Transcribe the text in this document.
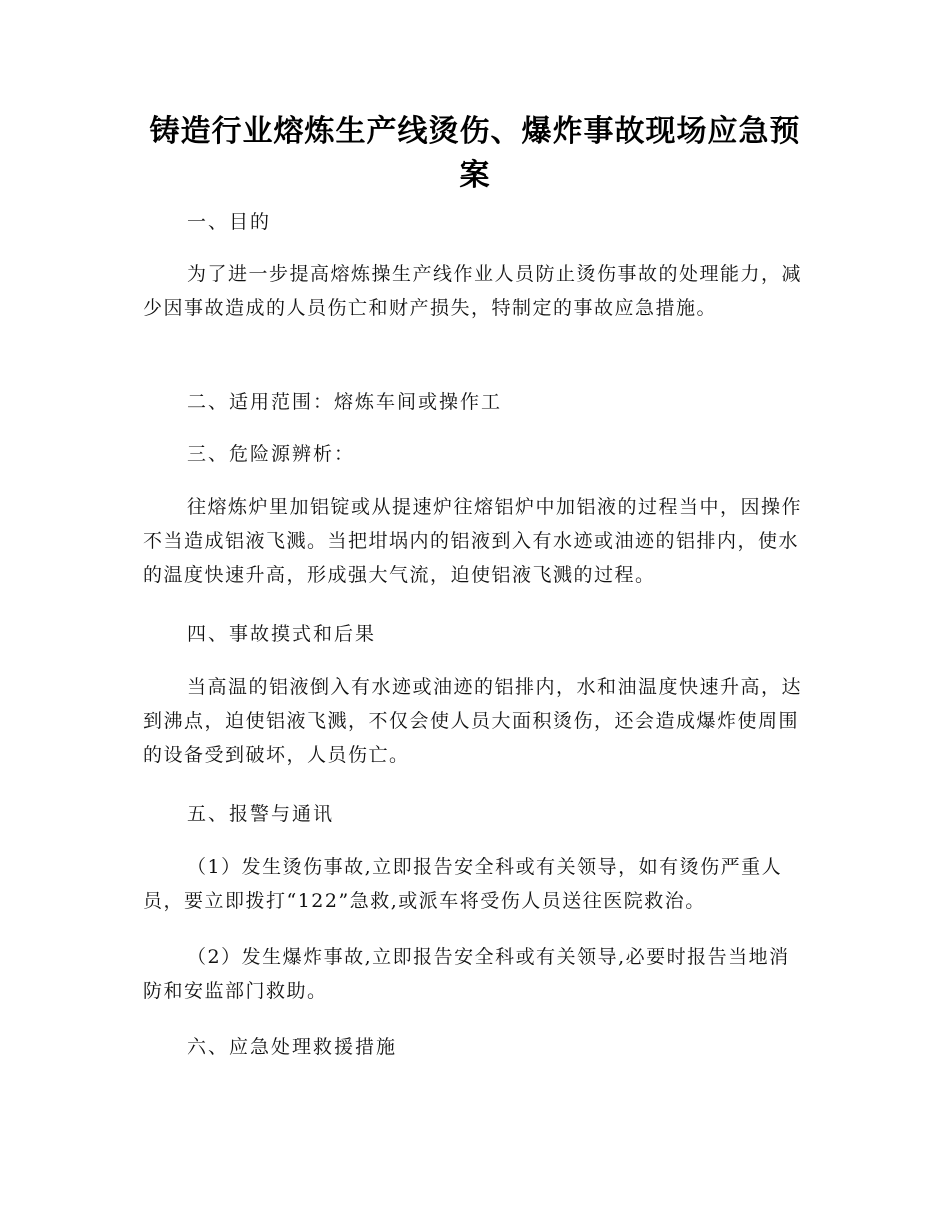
铸造行业熔炼生产线烫伤、爆炸事故现场应急预案

一、目的

为了进一步提高熔炼操生产线作业人员防止烫伤事故的处理能力，减少因事故造成的人员伤亡和财产损失，特制定的事故应急措施。

二、适用范围：熔炼车间或操作工

三、危险源辨析：

往熔炼炉里加铝锭或从提速炉往熔铝炉中加铝液的过程当中，因操作不当造成铝液飞溅。当把坩埚内的铝液到入有水迹或油迹的铝排内，使水的温度快速升高，形成强大气流，迫使铝液飞溅的过程。

四、事故摸式和后果

当高温的铝液倒入有水迹或油迹的铝排内，水和油温度快速升高，达到沸点，迫使铝液飞溅，不仅会使人员大面积烫伤，还会造成爆炸使周围的设备受到破坏，人员伤亡。

五、报警与通讯

（1）发生烫伤事故,立即报告安全科或有关领导，如有烫伤严重人员，要立即拨打“122”急救,或派车将受伤人员送往医院救治。

（2）发生爆炸事故,立即报告安全科或有关领导,必要时报告当地消防和安监部门救助。

六、应急处理救援措施
